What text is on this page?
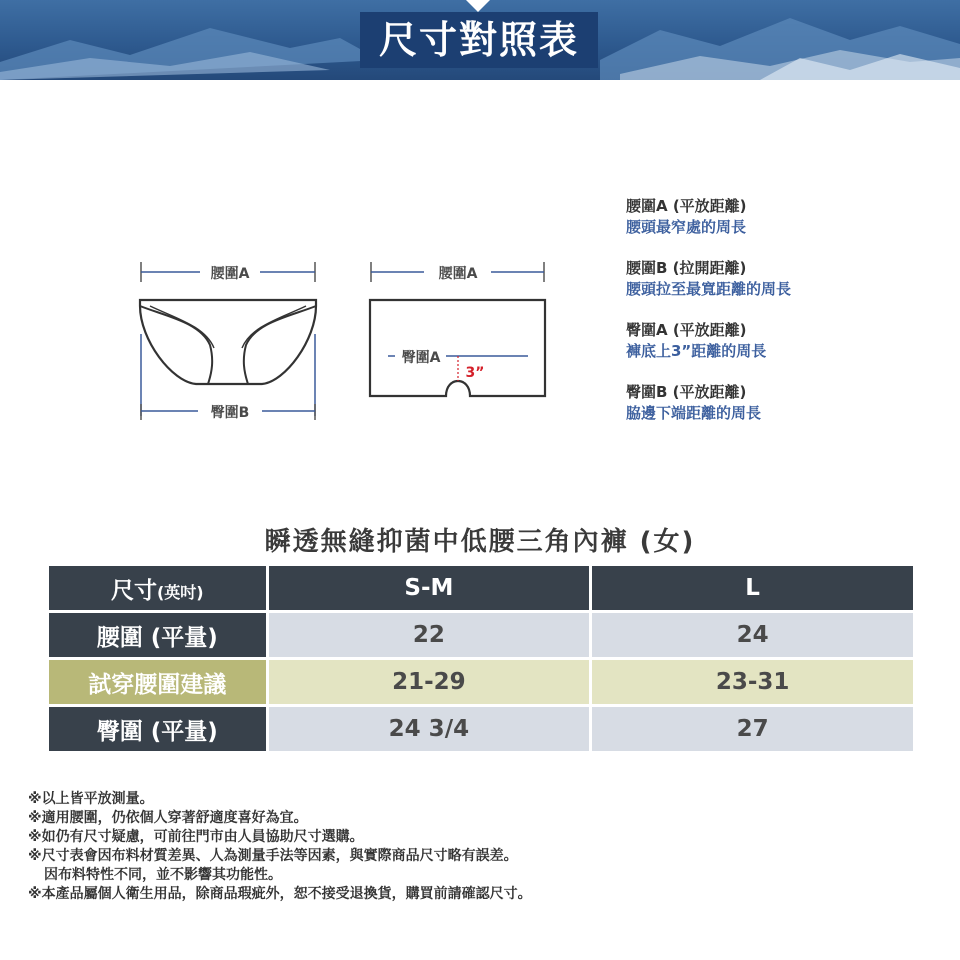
尺寸對照表
腰圍A
臀圍B
腰圍A
臀圍A
3”
腰圍A (平放距離)
腰頭最窄處的周長
腰圍B (拉開距離)
腰頭拉至最寬距離的周長
臀圍A (平放距離)
褲底上3”距離的周長
臀圍B (平放距離)
脇邊下端距離的周長
瞬透無縫抑菌中低腰三角內褲 (女)
尺寸(英吋)	S-M	L
腰圍 (平量)	22	24
試穿腰圍建議	21-29	23-31
臀圍 (平量)	24 3/4	27
※以上皆平放測量。
※適用腰圍，仍依個人穿著舒適度喜好為宜。
※如仍有尺寸疑慮，可前往門市由人員協助尺寸選購。
※尺寸表會因布料材質差異、人為測量手法等因素，與實際商品尺寸略有誤差。
因布料特性不同，並不影響其功能性。
※本產品屬個人衛生用品，除商品瑕疵外，恕不接受退換貨，購買前請確認尺寸。
